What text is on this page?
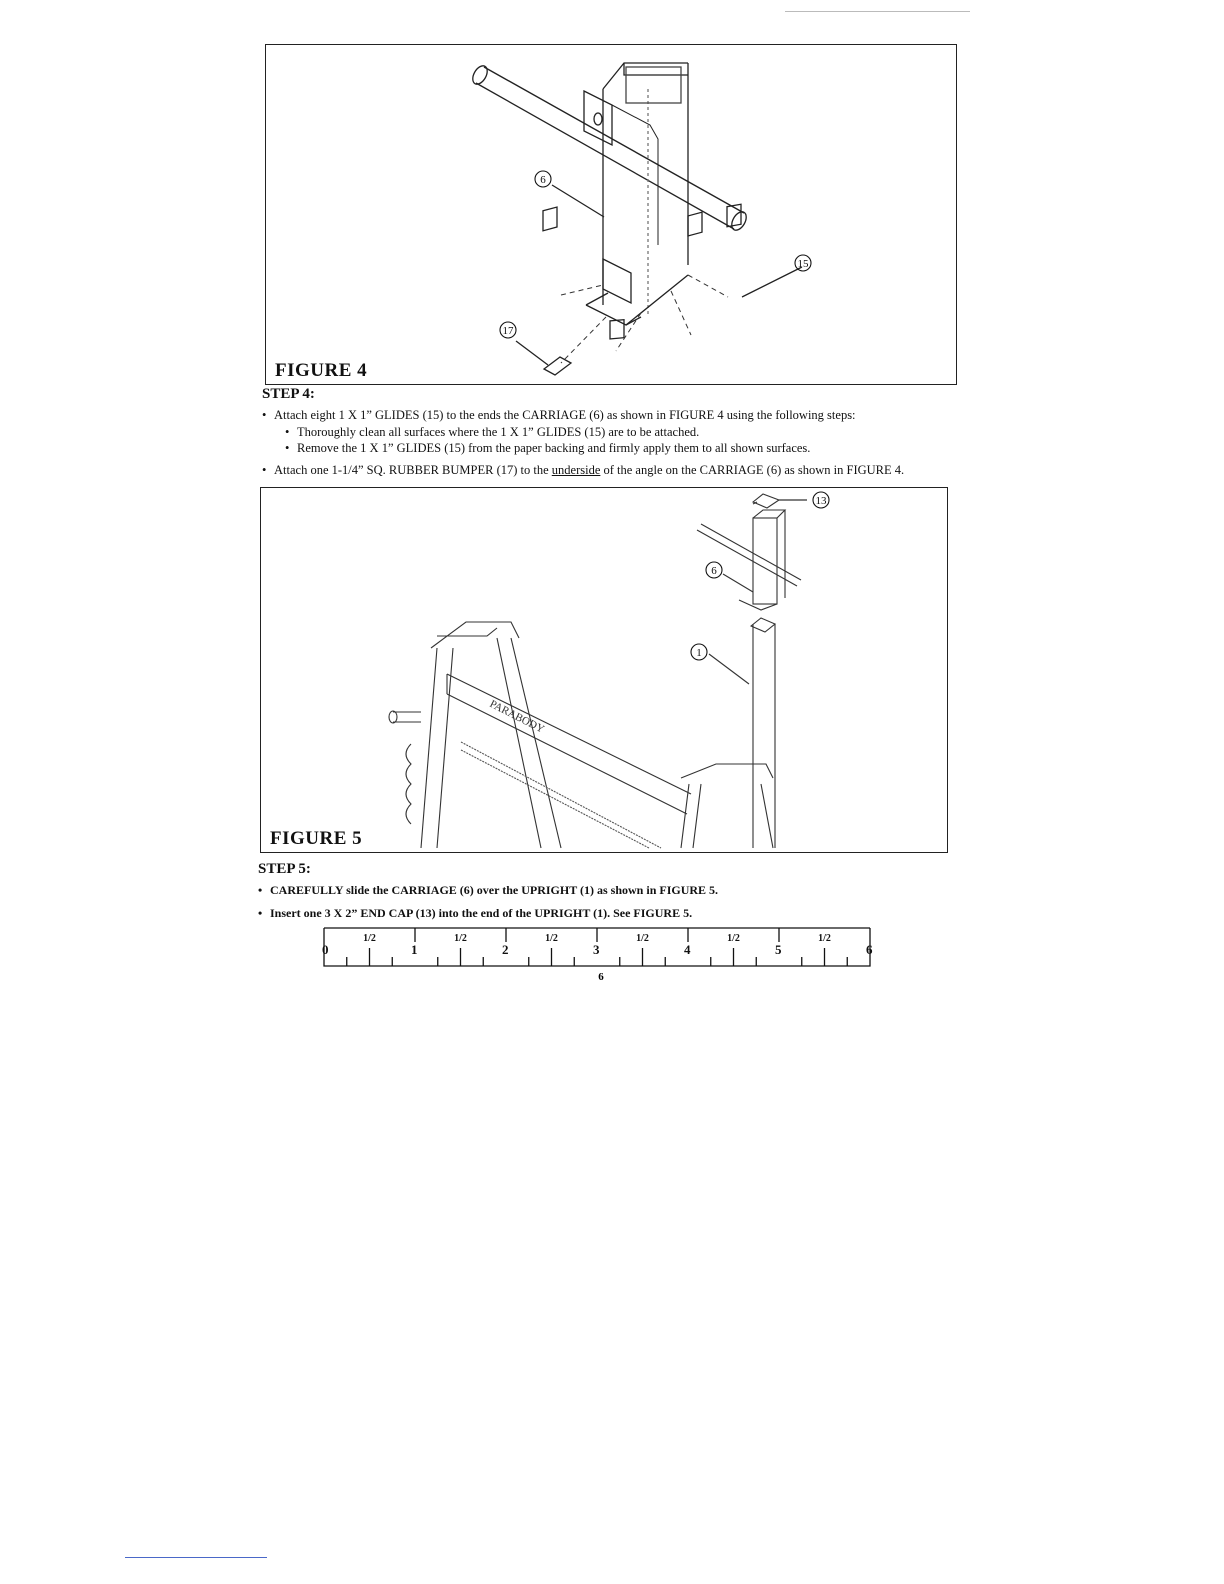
6
15
17
FIGURE 4
STEP 4:
• Attach eight 1 X 1” GLIDES (15) to the ends the CARRIAGE (6) as shown in FIGURE 4 using the following steps:
• Thoroughly clean all surfaces where the 1 X 1” GLIDES (15) are to be attached.
• Remove the 1 X 1” GLIDES (15) from the paper backing and firmly apply them to all shown surfaces.
• Attach one 1-1/4” SQ. RUBBER BUMPER (17) to the underside of the angle on the CARRIAGE (6) as shown in FIGURE 4.
PARABODY
13
6
1
FIGURE 5
STEP 5:
• CAREFULLY slide the CARRIAGE (6) over the UPRIGHT (1) as shown in FIGURE 5.
• Insert one 3 X 2” END CAP (13) into the end of the UPRIGHT (1). See FIGURE 5.
0
1/2
1
1/2
2
1/2
3
1/2
4
1/2
5
1/2
6
6
